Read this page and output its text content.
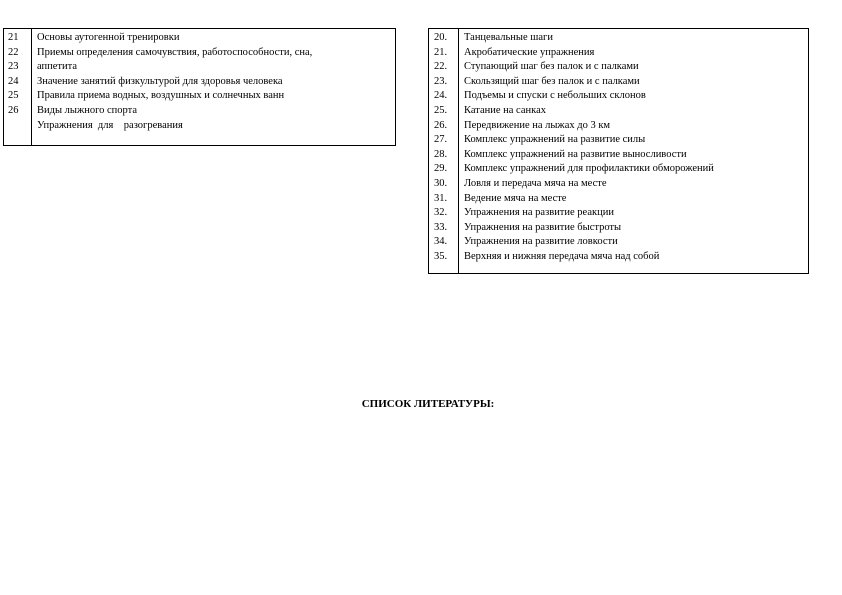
21
22
23
24
25
26
Основы аутогенной тренировки
Приемы определения самочувствия, работоспособности, сна,
аппетита
Значение занятий физкультурой для здоровья человека
Правила приема водных, воздушных и солнечных ванн
Виды лыжного спорта
Упражнения  для    разогревания
20.
21.
22.
23.
24.
25.
26.
27.
28.
29.
30.
31.
32.
33.
34.
35.
Танцевальные шаги
Акробатические упражнения
Ступающий шаг без палок и с палками
Скользящий шаг без палок и с палками
Подъемы и спуски с небольших склонов
Катание на санках
Передвижение на лыжах до 3 км
Комплекс упражнений на развитие силы
Комплекс упражнений на развитие выносливости
Комплекс упражнений для профилактики обморожений
Ловля и передача мяча на месте
Ведение мяча на месте
Упражнения на развитие реакции
Упражнения на развитие быстроты
Упражнения на развитие ловкости
Верхняя и нижняя передача мяча над собой
СПИСОК ЛИТЕРАТУРЫ:
